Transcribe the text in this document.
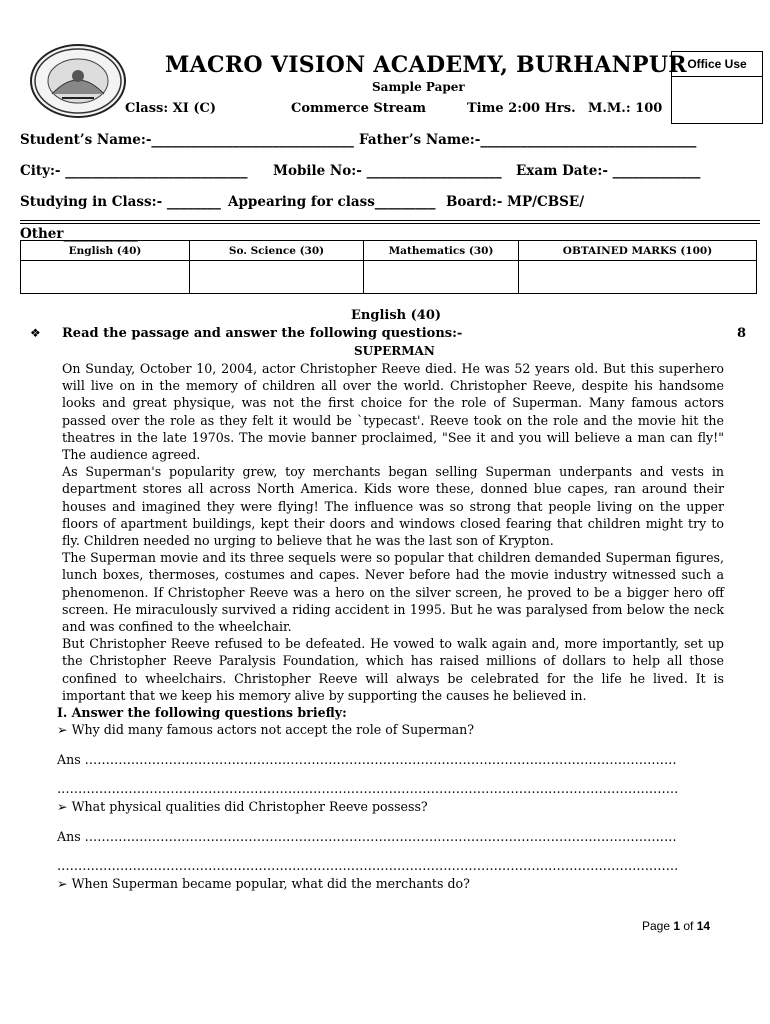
MACRO VISION ACADEMY, BURHANPUR
Sample Paper
Office Use
Class: XI (C)	Commerce Stream	Time 2:00 Hrs. M.M.: 100
Student’s Name:-______________________________ Father’s Name:-________________________________
City:- ___________________________ Mobile No:- ____________________ Exam Date:- _____________
Studying in Class:- ________ Appearing for class_________ Board:- MP/CBSE/
Other___________
English (40)	So. Science (30)	Mathematics (30)	OBTAINED MARKS (100)

English (40)
❖ Read the passage and answer the following questions:-	8
SUPERMAN

On Sunday, October 10, 2004, actor Christopher Reeve died. He was 52 years old. But this superhero will live on in the memory of children all over the world. Christopher Reeve, despite his handsome looks and great physique, was not the first choice for the role of Superman. Many famous actors passed over the role as they felt it would be `typecast'. Reeve took on the role and the movie hit the theatres in the late 1970s. The movie banner proclaimed, "See it and you will believe a man can fly!" The audience agreed.

As Superman's popularity grew, toy merchants began selling Superman underpants and vests in department stores all across North America. Kids wore these, donned blue capes, ran around their houses and imagined they were flying! The influence was so strong that people living on the upper floors of apartment buildings, kept their doors and windows closed fearing that children might try to fly. Children needed no urging to believe that he was the last son of Krypton.

The Superman movie and its three sequels were so popular that children demanded Superman figures, lunch boxes, thermoses, costumes and capes. Never before had the movie industry witnessed such a phenomenon. If Christopher Reeve was a hero on the silver screen, he proved to be a bigger hero off screen. He miraculously survived a riding accident in 1995. But he was paralysed from below the neck and was confined to the wheelchair.

But Christopher Reeve refused to be defeated. He vowed to walk again and, more importantly, set up the Christopher Reeve Paralysis Foundation, which has raised millions of dollars to help all those confined to wheelchairs. Christopher Reeve will always be celebrated for the life he lived. It is important that we keep his memory alive by supporting the causes he believed in.

I. Answer the following questions briefly:
➢ Why did many famous actors not accept the role of Superman?
Ans ……………………………………………………………………………………………………………………………
………………………………………………………………………………………………………………………………….
➢ What physical qualities did Christopher Reeve possess?
Ans ……………………………………………………………………………………………………………………………
………………………………………………………………………………………………………………………………….
➢ When Superman became popular, what did the merchants do?
Page 1 of 14
